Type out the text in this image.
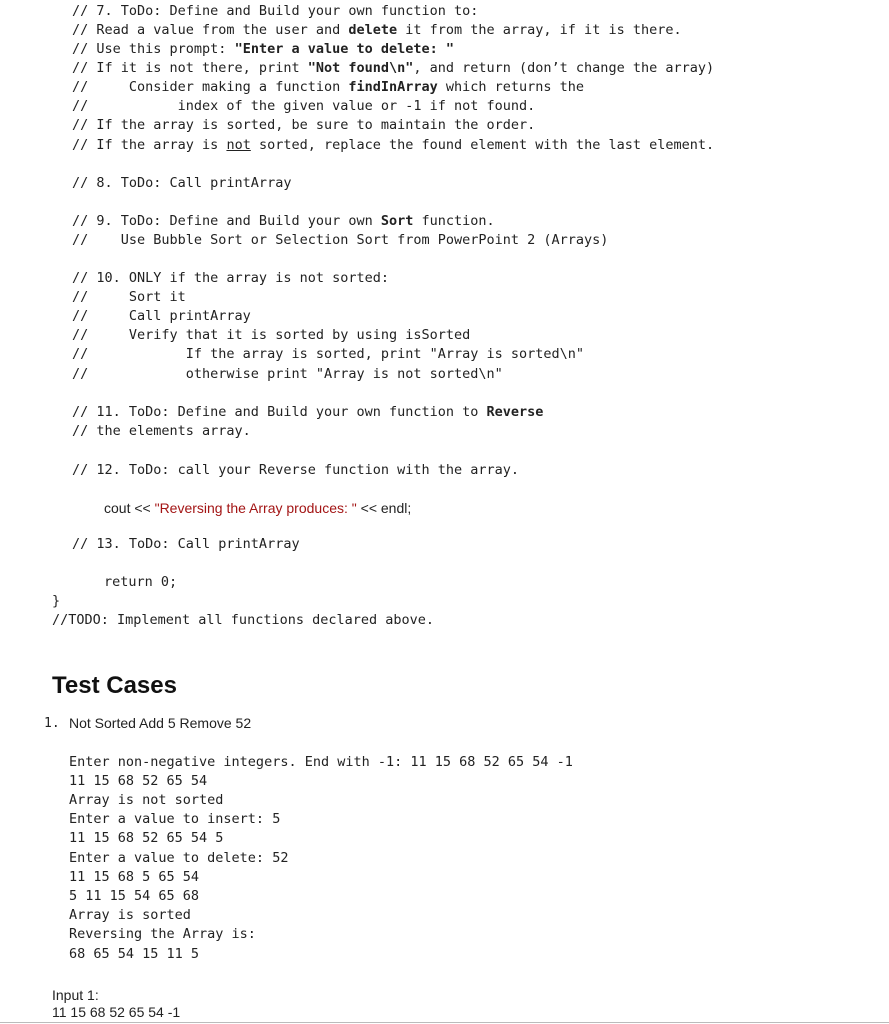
// 7. ToDo: Define and Build your own function to:
// Read a value from the user and delete it from the array, if it is there.
// Use this prompt: "Enter a value to delete: "
// If it is not there, print "Not found\n", and return (don’t change the array)
//     Consider making a function findInArray which returns the
//           index of the given value or -1 if not found.
// If the array is sorted, be sure to maintain the order.
// If the array is not sorted, replace the found element with the last element.
// 8. ToDo: Call printArray
// 9. ToDo: Define and Build your own Sort function.
//    Use Bubble Sort or Selection Sort from PowerPoint 2 (Arrays)
// 10. ONLY if the array is not sorted:
//     Sort it
//     Call printArray
//     Verify that it is sorted by using isSorted
//            If the array is sorted, print "Array is sorted\n"
//            otherwise print "Array is not sorted\n"
// 11. ToDo: Define and Build your own function to Reverse
// the elements array.
// 12. ToDo: call your Reverse function with the array.
cout << "Reversing the Array produces: " << endl;
// 13. ToDo: Call printArray
return 0;
}
//TODO: Implement all functions declared above.
Test Cases
1. Not Sorted Add 5 Remove 52
Enter non-negative integers. End with -1: 11 15 68 52 65 54 -1
11 15 68 52 65 54
Array is not sorted
Enter a value to insert: 5
11 15 68 52 65 54 5
Enter a value to delete: 52
11 15 68 5 65 54
5 11 15 54 65 68
Array is sorted
Reversing the Array is:
68 65 54 15 11 5
Input 1:
11 15 68 52 65 54 -1
